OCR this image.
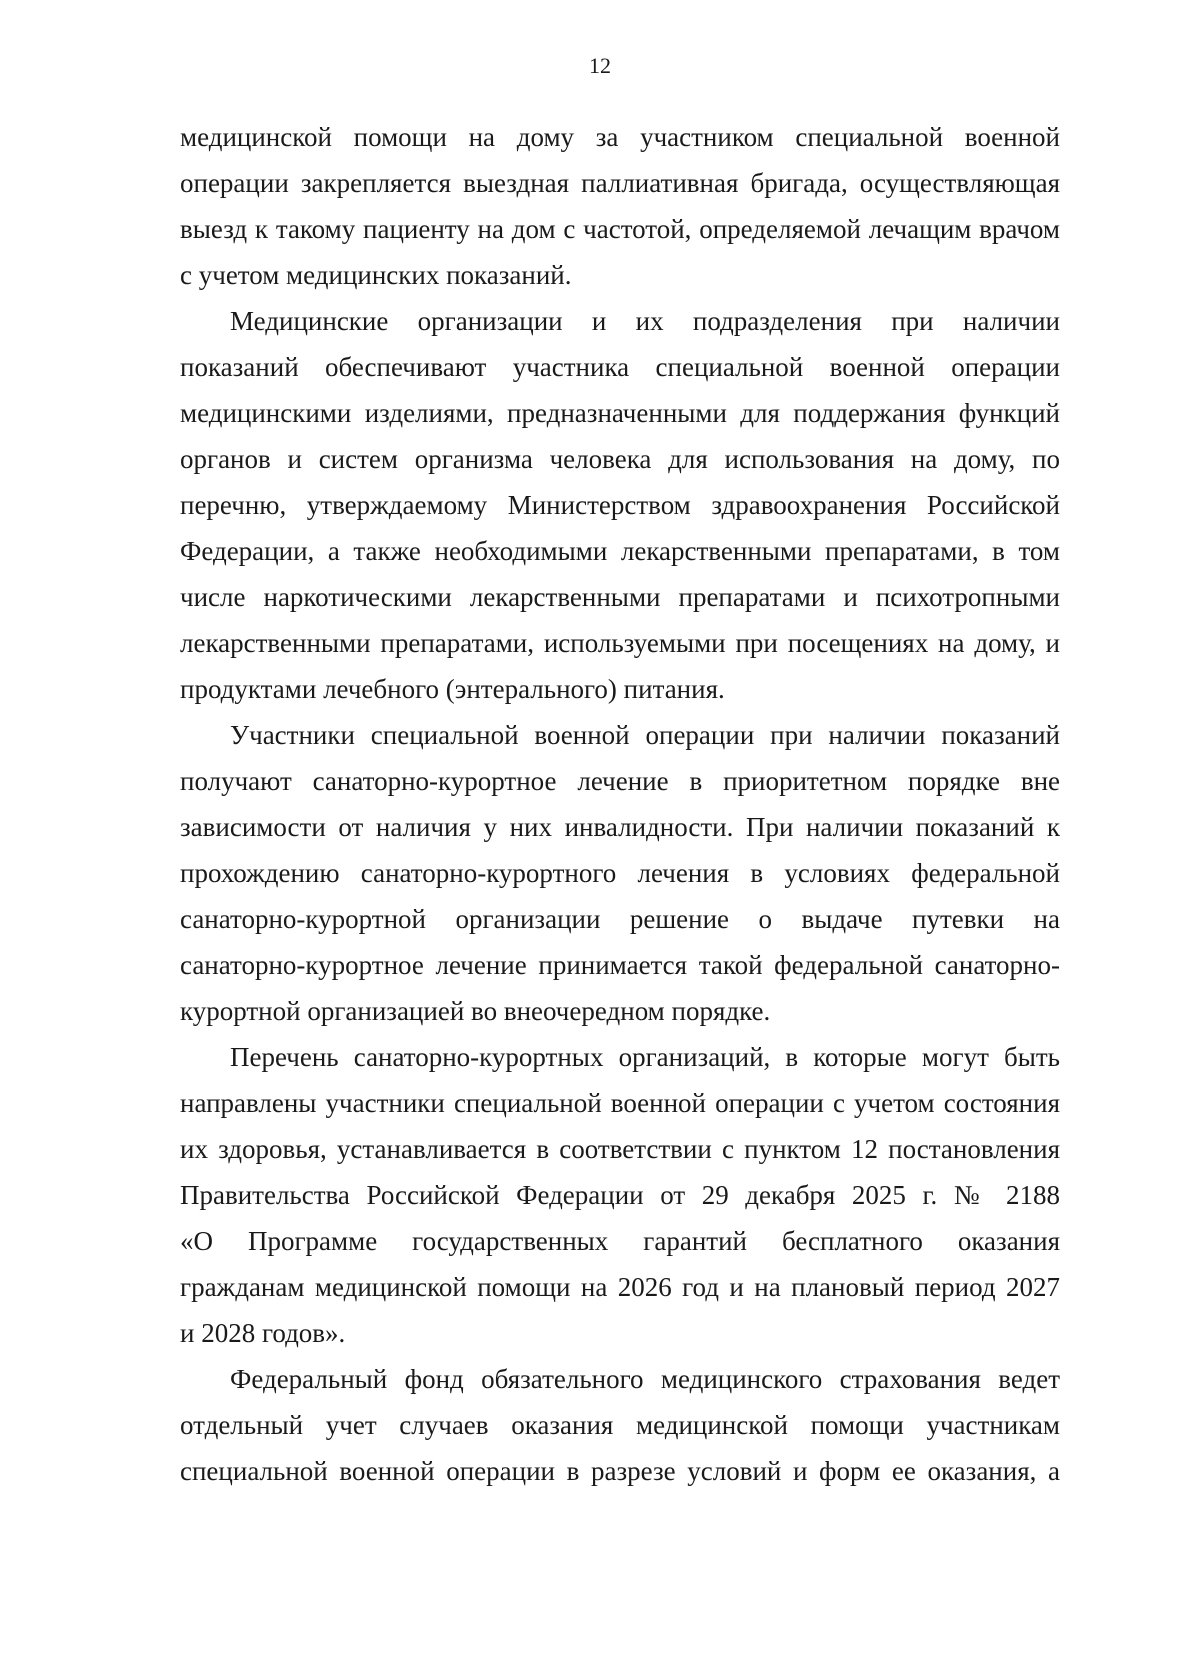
12
медицинской помощи на дому за участником специальной военной
операции закрепляется выездная паллиативная бригада, осуществляющая
выезд к такому пациенту на дом с частотой, определяемой лечащим врачом
с учетом медицинских показаний.
Медицинские организации и их подразделения при наличии
показаний обеспечивают участника специальной военной операции
медицинскими изделиями, предназначенными для поддержания функций
органов и систем организма человека для использования на дому, по
перечню, утверждаемому Министерством здравоохранения Российской
Федерации, а также необходимыми лекарственными препаратами, в том
числе наркотическими лекарственными препаратами и психотропными
лекарственными препаратами, используемыми при посещениях на дому, и
продуктами лечебного (энтерального) питания.
Участники специальной военной операции при наличии показаний
получают санаторно-курортное лечение в приоритетном порядке вне
зависимости от наличия у них инвалидности. При наличии показаний к
прохождению санаторно-курортного лечения в условиях федеральной
санаторно-курортной организации решение о выдаче путевки на
санаторно-курортное лечение принимается такой федеральной санаторно-
курортной организацией во внеочередном порядке.
Перечень санаторно-курортных организаций, в которые могут быть
направлены участники специальной военной операции с учетом состояния
их здоровья, устанавливается в соответствии с пунктом 12 постановления
Правительства Российской Федерации от 29 декабря 2025 г. № 2188
«О Программе государственных гарантий бесплатного оказания
гражданам медицинской помощи на 2026 год и на плановый период 2027
и 2028 годов».
Федеральный фонд обязательного медицинского страхования ведет
отдельный учет случаев оказания медицинской помощи участникам
специальной военной операции в разрезе условий и форм ее оказания, а
